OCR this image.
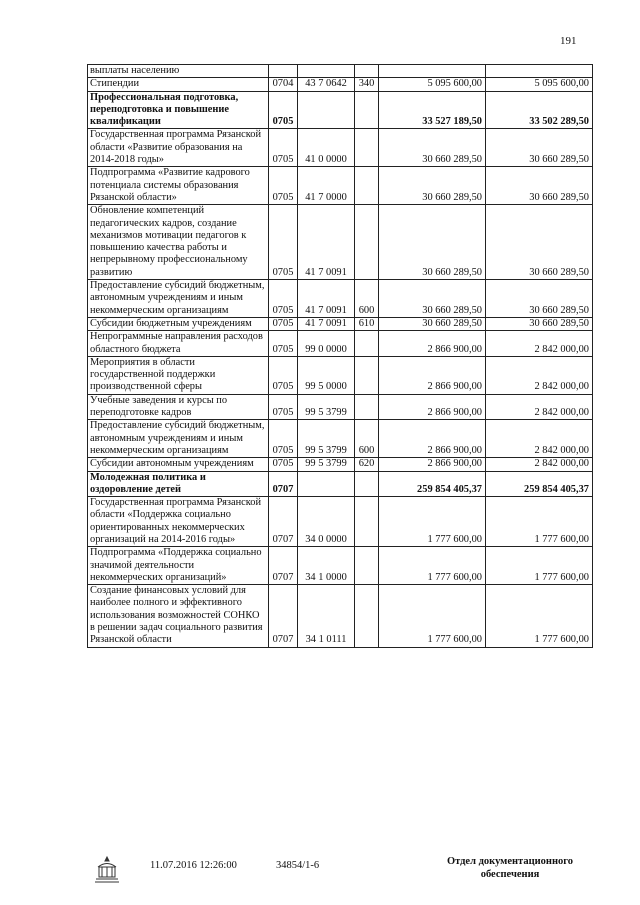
191
выплаты населению					
Стипендии	0704	43 7 0642	340	5 095 600,00	5 095 600,00
Профессиональная подготовка, переподготовка и повышение квалификации	0705			33 527 189,50	33 502 289,50
Государственная программа Рязанской области «Развитие образования на 2014-2018 годы»	0705	41 0 0000		30 660 289,50	30 660 289,50
Подпрограмма «Развитие кадрового потенциала системы образования Рязанской области»	0705	41 7 0000		30 660 289,50	30 660 289,50
Обновление компетенций педагогических кадров, создание механизмов мотивации педагогов к повышению качества работы и непрерывному профессиональному развитию	0705	41 7 0091		30 660 289,50	30 660 289,50
Предоставление субсидий бюджетным, автономным учреждениям и иным некоммерческим организациям	0705	41 7 0091	600	30 660 289,50	30 660 289,50
Субсидии бюджетным учреждениям	0705	41 7 0091	610	30 660 289,50	30 660 289,50
Непрограммные направления расходов областного бюджета	0705	99 0 0000		2 866 900,00	2 842 000,00
Мероприятия в области государственной поддержки производственной сферы	0705	99 5 0000		2 866 900,00	2 842 000,00
Учебные заведения и курсы по переподготовке кадров	0705	99 5 3799		2 866 900,00	2 842 000,00
Предоставление субсидий бюджетным, автономным учреждениям и иным некоммерческим организациям	0705	99 5 3799	600	2 866 900,00	2 842 000,00
Субсидии автономным учреждениям	0705	99 5 3799	620	2 866 900,00	2 842 000,00
Молодежная политика и оздоровление детей	0707			259 854 405,37	259 854 405,37
Государственная программа Рязанской области «Поддержка социально ориентированных некоммерческих организаций на 2014-2016 годы»	0707	34 0 0000		1 777 600,00	1 777 600,00
Подпрограмма «Поддержка социально значимой деятельности некоммерческих организаций»	0707	34 1 0000		1 777 600,00	1 777 600,00
Создание финансовых условий для наиболее полного и эффективного использования возможностей СОНКО в решении задач социального развития Рязанской области	0707	34 1 0111		1 777 600,00	1 777 600,00
11.07.2016 12:26:00	34854/1-6	Отдел документационного
обеспечения
